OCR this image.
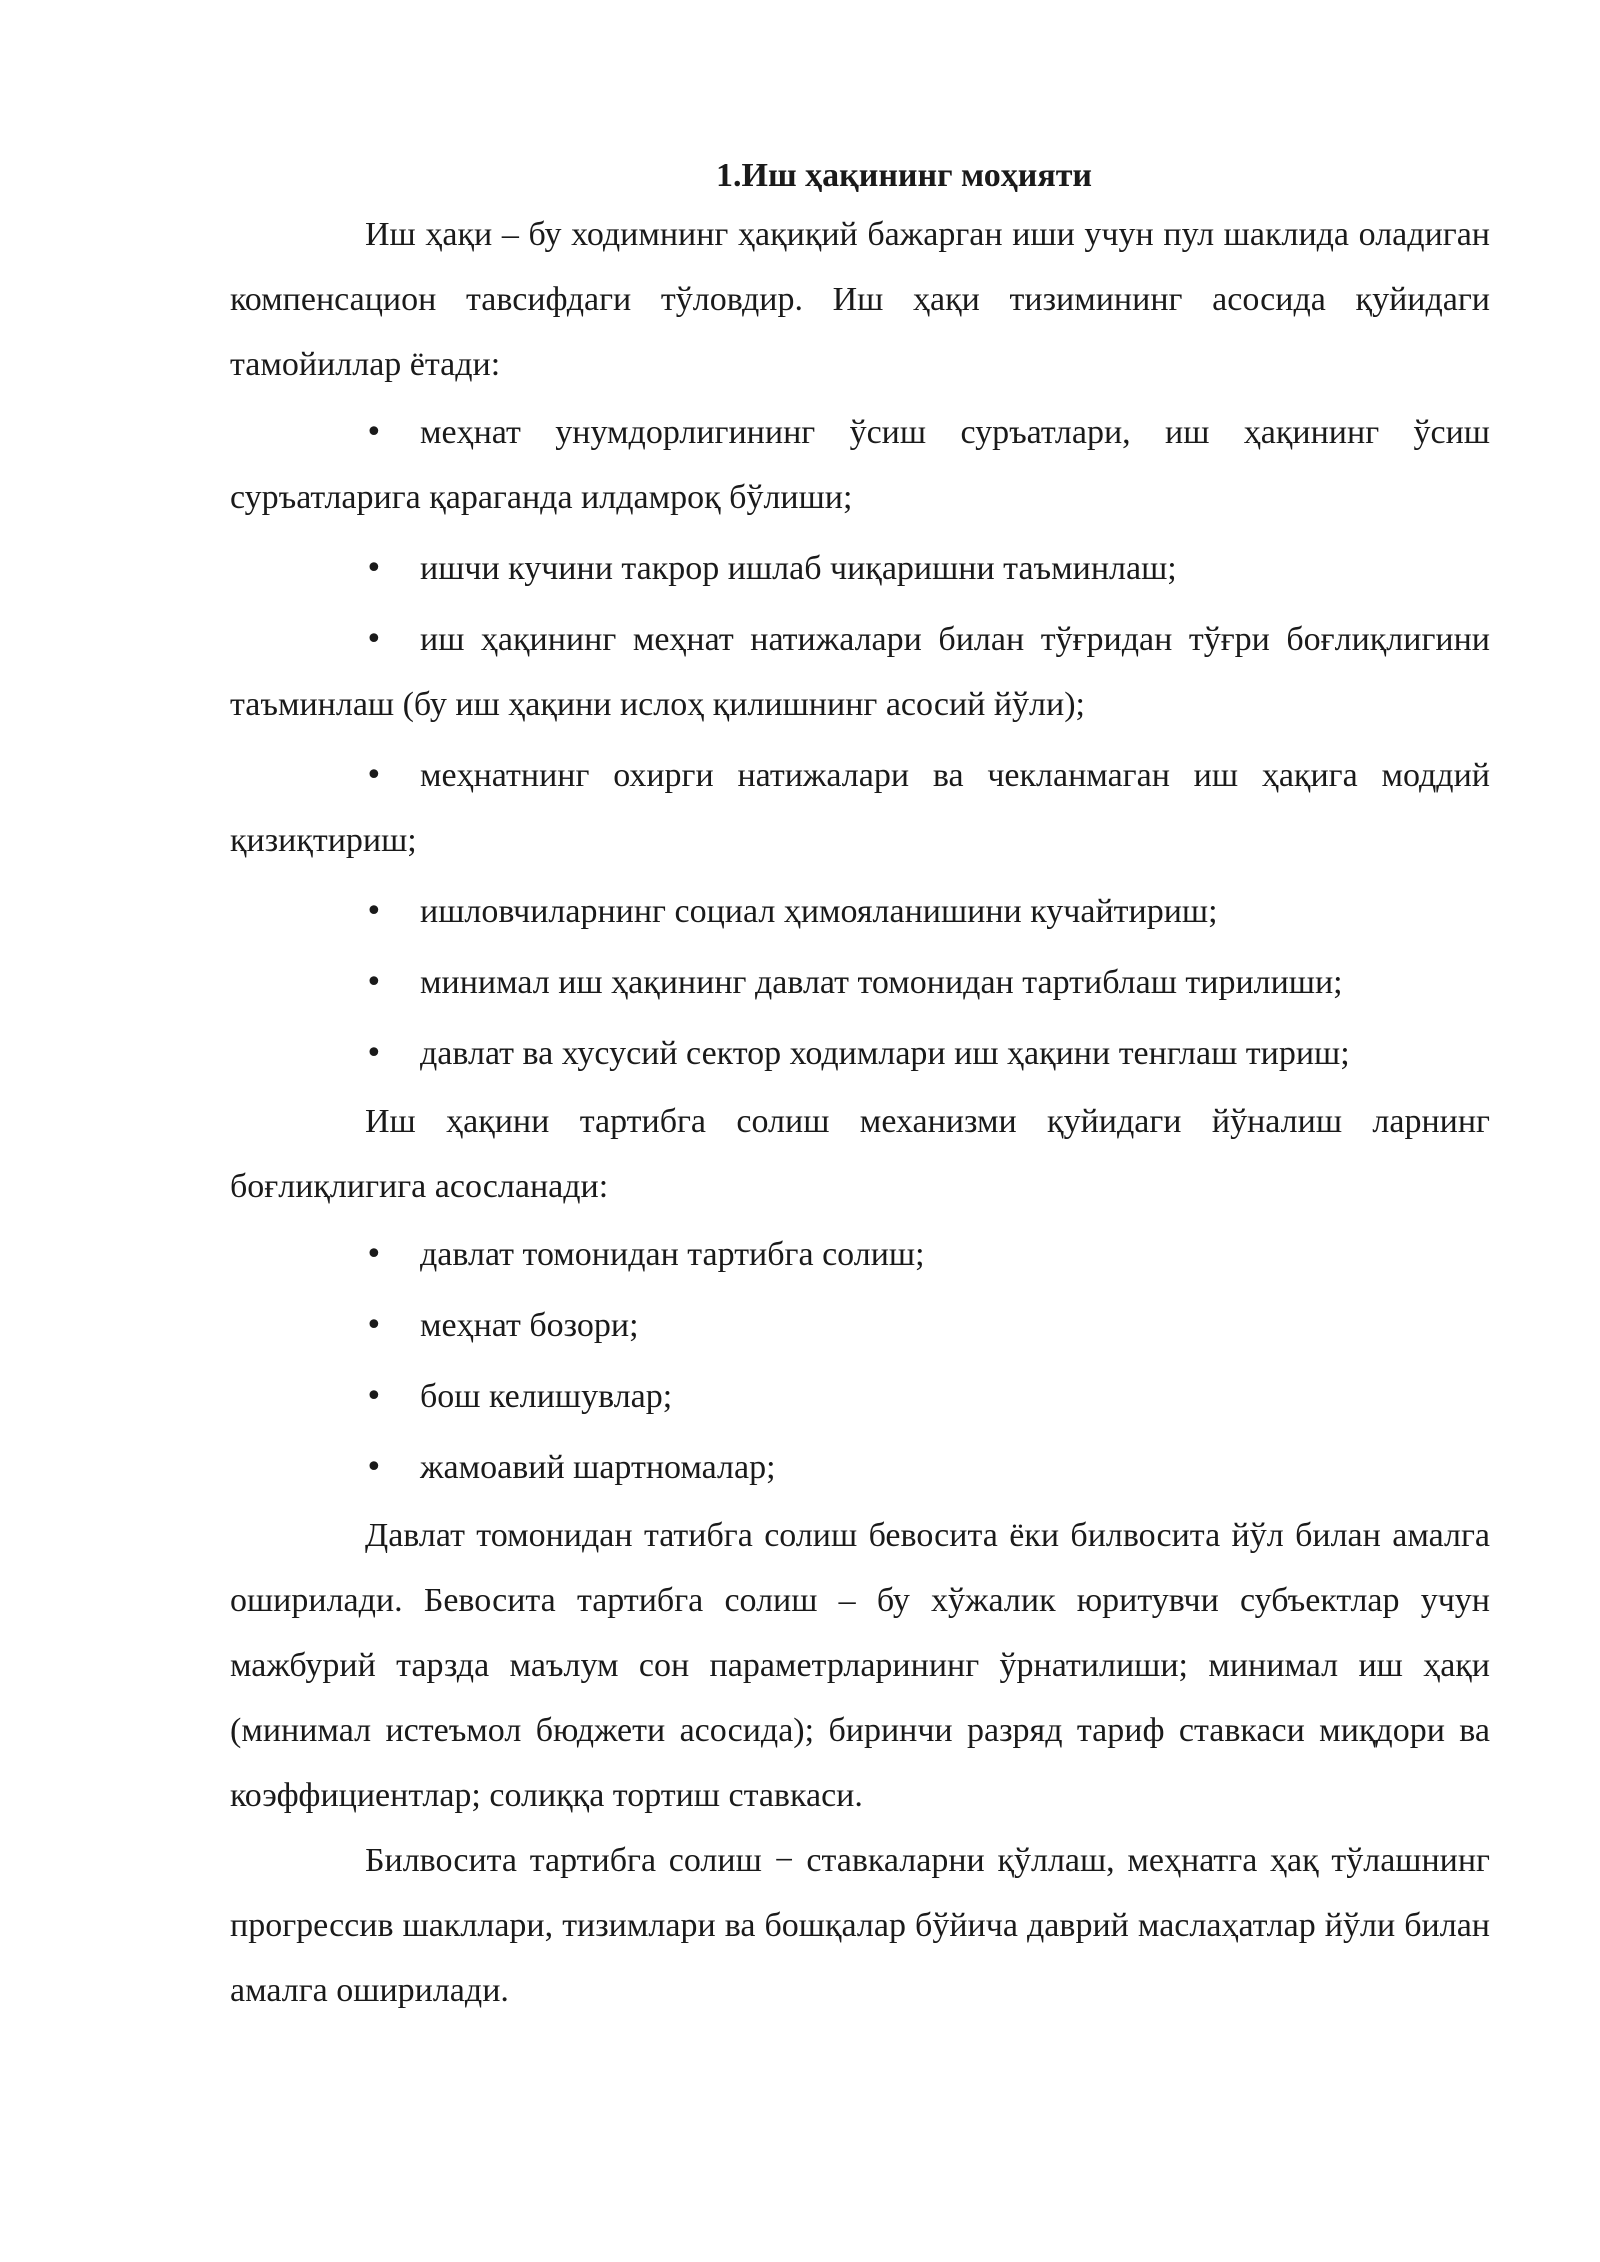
1.Иш ҳақининг моҳияти

Иш ҳақи – бу ходимнинг ҳақиқий бажарган иши учун пул шаклида оладиган компенсацион тавсифдаги тўловдир. Иш ҳақи тизимининг асосида қуйидаги тамойиллар ётади:

•	меҳнат унумдорлигининг ўсиш суръатлари, иш ҳақининг ўсиш суръатларига қараганда илдамроқ бўлиши;
•	ишчи кучини такрор ишлаб чиқаришни таъминлаш;
•	иш ҳақининг меҳнат натижалари билан тўғридан тўғри боғлиқлигини таъминлаш (бу иш ҳақини ислоҳ қилишнинг асосий йўли);
•	меҳнатнинг охирги натижалари ва чекланмаган иш ҳақига моддий қизиқтириш;
•	ишловчиларнинг социал ҳимояланишини кучайтириш;
•	минимал иш ҳақининг давлат томонидан тартиблаш тирилиши;
•	давлат ва хусусий сектор ходимлари иш ҳақини тенглаш тириш;

Иш ҳақини тартибга солиш механизми қуйидаги йўналиш ларнинг боғлиқлигига асосланади:

•	давлат томонидан тартибга солиш;
•	меҳнат бозори;
•	бош келишувлар;
•	жамоавий шартномалар;

Давлат томонидан татибга солиш бевосита ёки билвосита йўл билан амалга оширилади. Бевосита тартибга солиш – бу хўжалик юритувчи субъектлар учун мажбурий тарзда маълум сон параметрларининг ўрнатилиши; минимал иш ҳақи (минимал истеъмол бюджети асосида); биринчи разряд тариф ставкаси миқдори ва коэффициентлар; солиққа тортиш ставкаси.

Билвосита тартибга солиш − ставкаларни қўллаш, меҳнатга ҳақ тўлашнинг прогрессив шакллари, тизимлари ва бошқалар бўйича даврий маслаҳатлар йўли билан амалга оширилади.
